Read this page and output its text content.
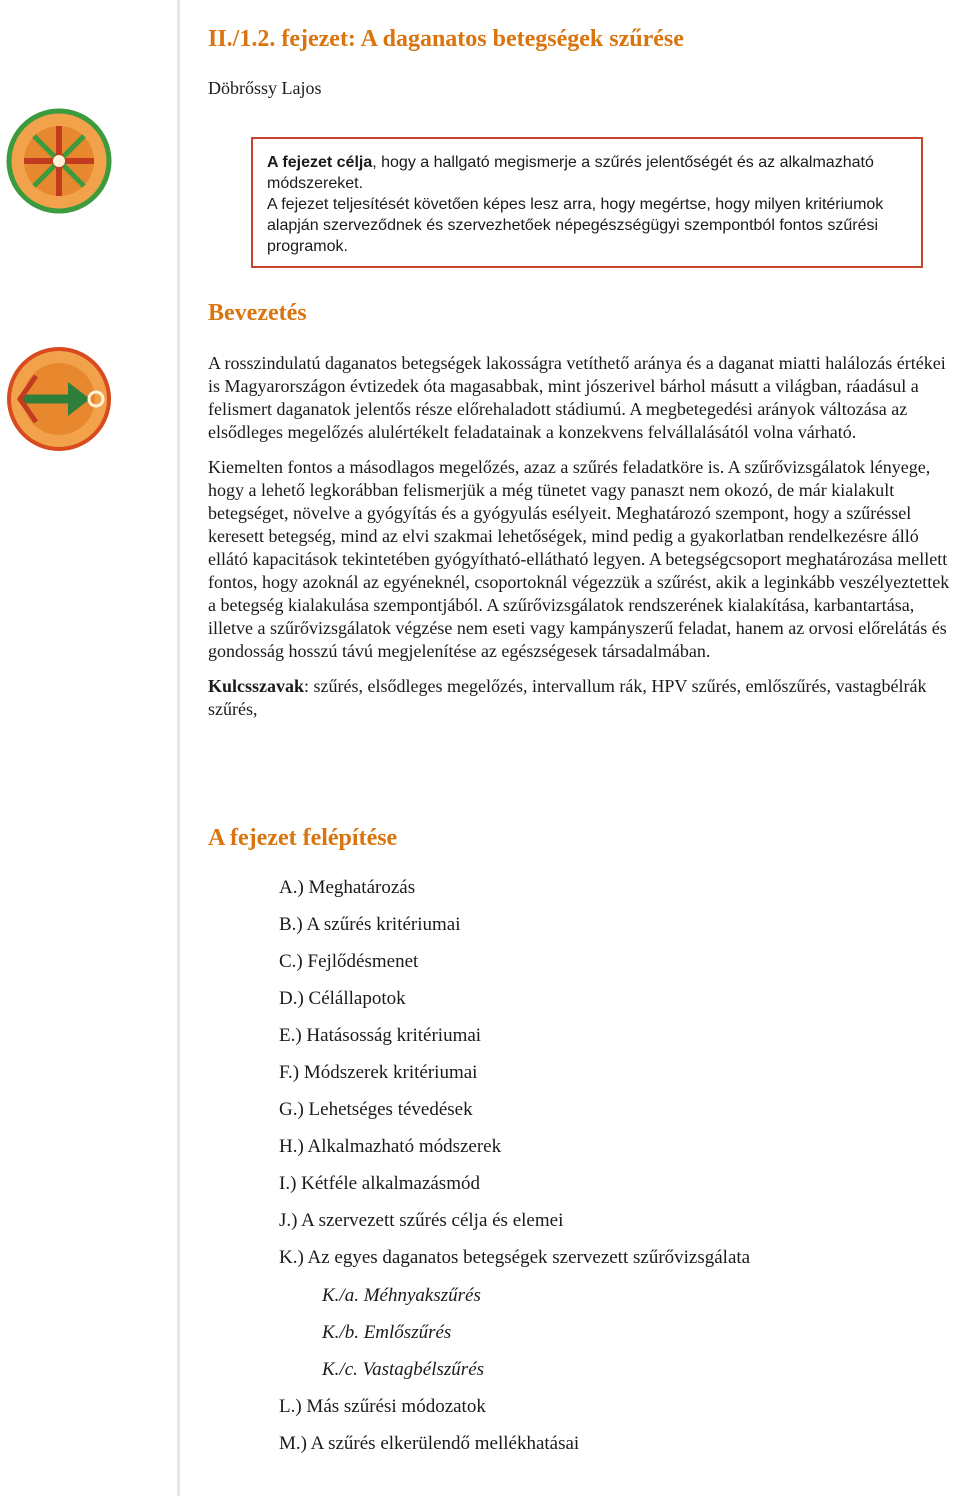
II./1.2. fejezet: A daganatos betegségek szűrése
Döbrőssy Lajos

A fejezet célja, hogy a hallgató megismerje a szűrés jelentőségét és az alkalmazható módszereket.

A fejezet teljesítését követően képes lesz arra, hogy megértse, hogy milyen kritériumok alapján szerveződnek és szervezhetőek népegészségügyi szempontból fontos szűrési programok.

Bevezetés

A rosszindulatú daganatos betegségek lakosságra vetíthető aránya és a daganat miatti halálozás értékei is Magyarországon évtizedek óta magasabbak, mint jószerivel bárhol másutt a világban, ráadásul a felismert daganatok jelentős része előrehaladott stádiumú. A megbetegedési arányok változása az elsődleges megelőzés alulértékelt feladatainak a konzekvens felvállalásától volna várható.

Kiemelten fontos a másodlagos megelőzés, azaz a szűrés feladatköre is. A szűrővizsgálatok lényege, hogy a lehető legkorábban felismerjük a még tünetet vagy panaszt nem okozó, de már kialakult betegséget, növelve a gyógyítás és a gyógyulás esélyeit. Meghatározó szempont, hogy a szűréssel keresett betegség, mind az elvi szakmai lehetőségek, mind pedig a gyakorlatban rendelkezésre álló ellátó kapacitások tekintetében gyógyítható-ellátható legyen. A betegségcsoport meghatározása mellett fontos, hogy azoknál az egyéneknél, csoportoknál végezzük a szűrést, akik a leginkább veszélyeztettek a betegség kialakulása szempontjából. A szűrővizsgálatok rendszerének kialakítása, karbantartása, illetve a szűrővizsgálatok végzése nem eseti vagy kampányszerű feladat, hanem az orvosi előrelátás és gondosság hosszú távú megjelenítése az egészségesek társadalmában.

Kulcsszavak: szűrés, elsődleges megelőzés, intervallum rák, HPV szűrés, emlőszűrés, vastagbélrák szűrés,

A fejezet felépítése
A.) Meghatározás
B.) A szűrés kritériumai
C.) Fejlődésmenet
D.) Célállapotok
E.) Hatásosság kritériumai
F.) Módszerek kritériumai
G.) Lehetséges tévedések
H.) Alkalmazható módszerek
I.) Kétféle alkalmazásmód
J.) A szervezett szűrés célja és elemei
K.) Az egyes daganatos betegségek szervezett szűrővizsgálata
K./a. Méhnyakszűrés
K./b. Emlőszűrés
K./c. Vastagbélszűrés
L.) Más szűrési módozatok
M.) A szűrés elkerülendő mellékhatásai
